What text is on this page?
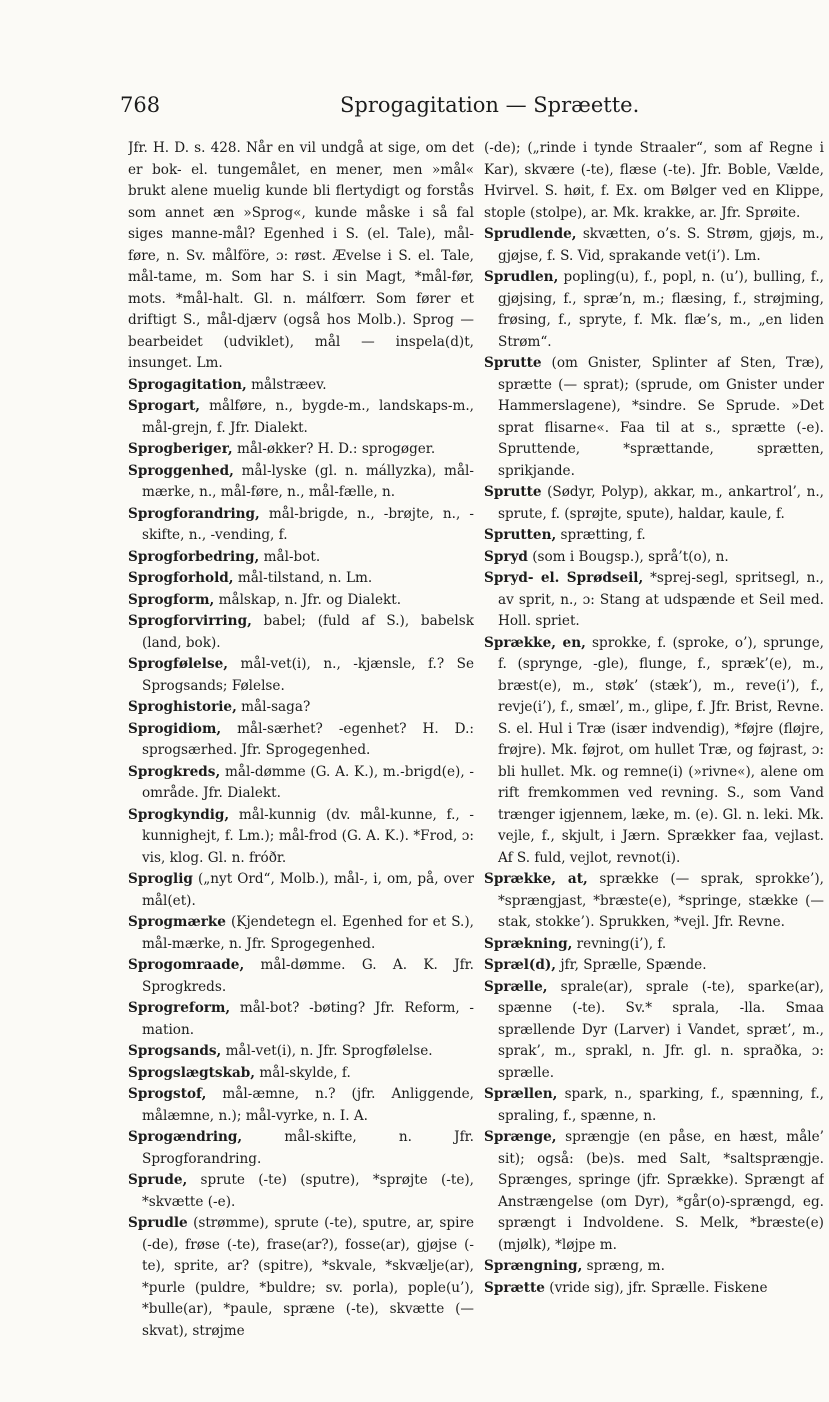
768	Sprogagitation — Spræette.

Jfr. H. D. s. 428. Når en vil undgå at sige, om det er bok- el. tungemålet, en mener, men »mål« brukt alene muelig kunde bli flertydigt og forstås som annet æn »Sprog«, kunde måske i så fal siges manne-mål? Egenhed i S. (el. Tale), mål-føre, n. Sv. målföre, ɔ: røst. Ævelse i S. el. Tale, mål-tame, m. Som har S. i sin Magt, *mål-før, mots. *mål-halt. Gl. n. málfœrr. Som fører et driftigt S., mål-djærv (også hos Molb.). Sprog — bearbeidet (udviklet), mål — inspela(d)t, insunget. Lm.

Sprogagitation, målstræev.

Sprogart, målføre, n., bygde-m., landskaps-m., mål-grejn, f. Jfr. Dialekt.

Sprogberiger, mål-økker? H. D.: sprogøger.

Sproggenhed, mål-lyske (gl. n. mállyzka), mål-mærke, n., mål-føre, n., mål-fælle, n.

Sprogforandring, mål-brigde, n., -brøjte, n., -skifte, n., -vending, f.

Sprogforbedring, mål-bot.

Sprogforhold, mål-tilstand, n. Lm.

Sprogform, målskap, n. Jfr. og Dialekt.

Sprogforvirring, babel; (fuld af S.), babelsk (land, bok).

Sprogfølelse, mål-vet(i), n., -kjænsle, f.? Se Sprogsands; Følelse.

Sproghistorie, mål-saga?

Sprogidiom, mål-særhet? -egenhet? H. D.: sprogsærhed. Jfr. Sprogegenhed.

Sprogkreds, mål-dømme (G. A. K.), m.-brigd(e), -område. Jfr. Dialekt.

Sprogkyndig, mål-kunnig (dv. mål-kunne, f., -kunnighejt, f. Lm.); mål-frod (G. A. K.). *Frod, ɔ: vis, klog. Gl. n. fróðr.

Sproglig („nyt Ord“, Molb.), mål-, i, om, på, over mål(et).

Sprogmærke (Kjendetegn el. Egenhed for et S.), mål-mærke, n. Jfr. Sprogegenhed.

Sprogomraade, mål-dømme. G. A. K. Jfr. Sprogkreds.

Sprogreform, mål-bot? -bøting? Jfr. Reform, -mation.

Sprogsands, mål-vet(i), n. Jfr. Sprogfølelse.

Sprogslægtskab, mål-skylde, f.

Sprogstof, mål-æmne, n.? (jfr. Anliggende, målæmne, n.); mål-vyrke, n. I. A.

Sprogændring,	mål-skifte, n. Jfr. Sprogforandring.

Sprude, sprute (-te) (sputre), *sprøjte (-te), *skvætte (-e).

Sprudle (strømme), sprute (-te), sputre, ar, spire (-de), frøse (-te), frase(ar?), fosse(ar), gjøjse (-te), sprite, ar? (spitre), *skvale, *skvælje(ar), *purle (puldre, *buldre; sv. porla), pople(u’), *bulle(ar), *paule, spræne (-te), skvætte (— skvat), strøjme

(-de); („rinde i tynde Straaler“, som af Regne i Kar), skvære (-te), flæse (-te). Jfr. Boble, Vælde, Hvirvel. S. høit, f. Ex. om Bølger ved en Klippe, stople (stolpe), ar. Mk. krakke, ar. Jfr. Sprøite.

Sprudlende, skvætten, o’s. S. Strøm, gjøjs, m., gjøjse, f. S. Vid, sprakande vet(i’). Lm.

Sprudlen, popling(u), f., popl, n. (u’), bulling, f., gjøjsing, f., spræ’n, m.; flæsing, f., strøjming, frøsing, f., spryte, f. Mk. flæ’s, m., „en liden Strøm“.

Sprutte (om Gnister, Splinter af Sten, Træ), sprætte (— sprat); (sprude, om Gnister under Hammerslagene), *sindre. Se Sprude. »Det sprat flisarne«. Faa til at s., sprætte (-e). Spruttende, *sprættande, sprætten, sprikjande.

Sprutte (Sødyr, Polyp), akkar, m., ankartrol’, n., sprute, f. (sprøjte, spute), haldar, kaule, f.

Sprutten, sprætting, f.

Spryd (som i Bougsp.), språ’t(o), n.

Spryd- el. Sprødseil, *sprej-segl, spritsegl, n., av sprit, n., ɔ: Stang at udspænde et Seil med. Holl. spriet.

Sprække, en, sprokke, f. (sproke, o’), sprunge, f. (sprynge, -gle), flunge, f., spræk’(e), m., bræst(e), m., støk’ (stæk’), m., reve(i’), f., revje(i’), f., smæl’, m., glipe, f. Jfr. Brist, Revne. S. el. Hul i Træ (især indvendig), *føjre (fløjre, frøjre). Mk. føjrot, om hullet Træ, og føjrast, ɔ: bli hullet. Mk. og remne(i) (»rivne«), alene om rift fremkommen ved revning. S., som Vand trænger igjennem, læke, m. (e). Gl. n. leki. Mk. vejle, f., skjult, i Jærn. Sprækker faa, vejlast. Af S. fuld, vejlot, revnot(i).

Sprække, at, sprække (— sprak, sprokke’), *sprængjast, *bræste(e), *springe, stække (— stak, stokke’). Sprukken, *vejl. Jfr. Revne.

Sprækning, revning(i’), f.

Spræl(d), jfr, Sprælle, Spænde.

Sprælle, sprale(ar), sprale (-te), sparke(ar), spænne (-te). Sv.* sprala, -lla. Smaa sprællende Dyr (Larver) i Vandet, spræt’, m., sprak’, m., sprakl, n. Jfr. gl. n. spraðka, ɔ: sprælle.

Sprællen, spark, n., sparking, f., spænning, f., spraling, f., spænne, n.

Sprænge, sprængje (en påse, en hæst, måle’ sit); også: (be)s. med Salt, *saltsprængje. Sprænges, springe (jfr. Sprække). Sprængt af Anstrængelse (om Dyr), *går(o)-sprængd, eg. sprængt i Indvoldene. S. Melk, *bræste(e) (mjølk), *løjpe m.

Sprængning, spræng, m.

Sprætte (vride sig), jfr. Sprælle. Fiskene
